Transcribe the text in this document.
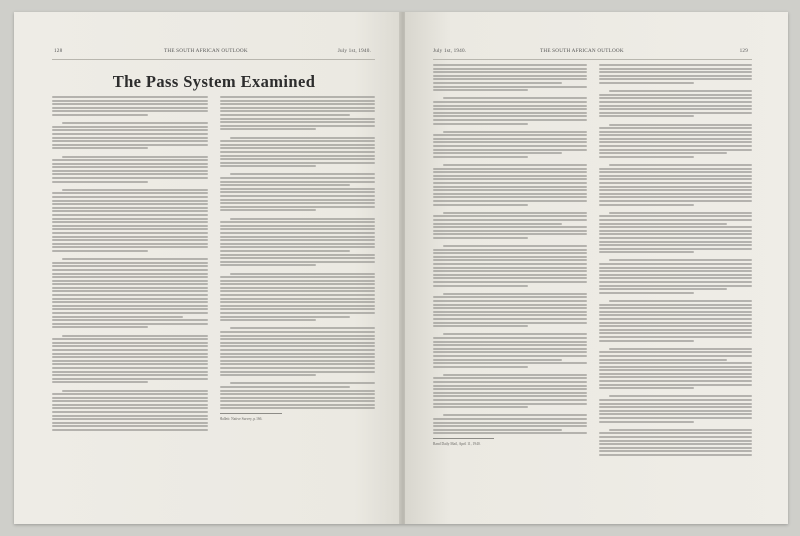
128	THE SOUTH AFRICAN OUTLOOK	July 1st, 1940.
The Pass System Examined
Hallett: Native Survey, p.166.
July 1st, 1940.	THE SOUTH AFRICAN OUTLOOK	129
Rand Daily Mail, April 11, 1940.
